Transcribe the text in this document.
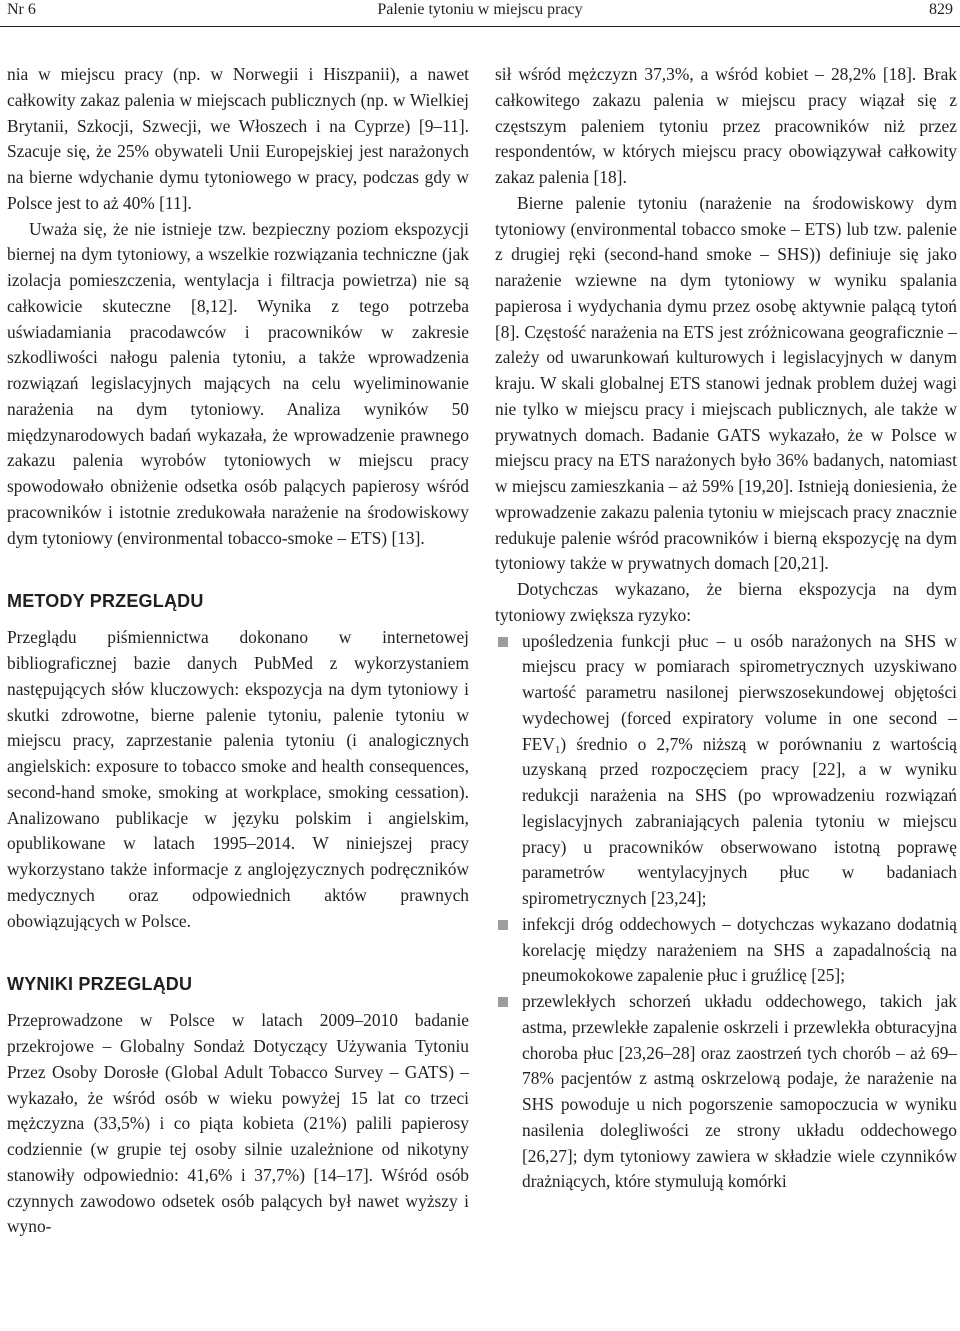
Nr 6	Palenie tytoniu w miejscu pracy	829

nia w miejscu pracy (np. w Norwegii i Hiszpanii), a nawet całkowity zakaz palenia w miejscach publicznych (np. w Wielkiej Brytanii, Szkocji, Szwecji, we Włoszech i na Cyprze) [9–11]. Szacuje się, że 25% obywateli Unii Europejskiej jest narażonych na bierne wdychanie dymu tytoniowego w pracy, podczas gdy w Polsce jest to aż 40% [11].

Uważa się, że nie istnieje tzw. bezpieczny poziom ekspozycji biernej na dym tytoniowy, a wszelkie rozwiązania techniczne (jak izolacja pomieszczenia, wentylacja i filtracja powietrza) nie są całkowicie skuteczne [8,12]. Wynika z tego potrzeba uświadamiania pracodawców i pracowników w zakresie szkodliwości nałogu palenia tytoniu, a także wprowadzenia rozwiązań legislacyjnych mających na celu wyeliminowanie narażenia na dym tytoniowy. Analiza wyników 50 międzynarodowych badań wykazała, że wprowadzenie prawnego zakazu palenia wyrobów tytoniowych w miejscu pracy spowodowało obniżenie odsetka osób palących papierosy wśród pracowników i istotnie zredukowała narażenie na środowiskowy dym tytoniowy (environmental tobacco-smoke – ETS) [13].

METODY PRZEGLĄDU

Przeglądu piśmiennictwa dokonano w internetowej bibliograficznej bazie danych PubMed z wykorzystaniem następujących słów kluczowych: ekspozycja na dym tytoniowy i skutki zdrowotne, bierne palenie tytoniu, palenie tytoniu w miejscu pracy, zaprzestanie palenia tytoniu (i analogicznych angielskich: exposure to tobacco smoke and health consequences, second-hand smoke, smoking at workplace, smoking cessation). Analizowano publikacje w języku polskim i angielskim, opublikowane w latach 1995–2014. W niniejszej pracy wykorzystano także informacje z anglojęzycznych podręczników medycznych oraz odpowiednich aktów prawnych obowiązujących w Polsce.

WYNIKI PRZEGLĄDU

Przeprowadzone w Polsce w latach 2009–2010 badanie przekrojowe – Globalny Sondaż Dotyczący Używania Tytoniu Przez Osoby Dorosłe (Global Adult Tobacco Survey – GATS) – wykazało, że wśród osób w wieku powyżej 15 lat co trzeci mężczyzna (33,5%) i co piąta kobieta (21%) palili papierosy codziennie (w grupie tej osoby silnie uzależnione od nikotyny stanowiły odpowiednio: 41,6% i 37,7%) [14–17]. Wśród osób czynnych zawodowo odsetek osób palących był nawet wyższy i wyno-

sił wśród mężczyzn 37,3%, a wśród kobiet – 28,2% [18]. Brak całkowitego zakazu palenia w miejscu pracy wiązał się z częstszym paleniem tytoniu przez pracowników niż przez respondentów, w których miejscu pracy obowiązywał całkowity zakaz palenia [18].

Bierne palenie tytoniu (narażenie na środowiskowy dym tytoniowy (environmental tobacco smoke – ETS) lub tzw. palenie z drugiej ręki (second-hand smoke – SHS)) definiuje się jako narażenie wziewne na dym tytoniowy w wyniku spalania papierosa i wydychania dymu przez osobę aktywnie palącą tytoń [8]. Częstość narażenia na ETS jest zróżnicowana geograficznie – zależy od uwarunkowań kulturowych i legislacyjnych w danym kraju. W skali globalnej ETS stanowi jednak problem dużej wagi nie tylko w miejscu pracy i miejscach publicznych, ale także w prywatnych domach. Badanie GATS wykazało, że w Polsce w miejscu pracy na ETS narażonych było 36% badanych, natomiast w miejscu zamieszkania – aż 59% [19,20]. Istnieją doniesienia, że wprowadzenie zakazu palenia tytoniu w miejscach pracy znacznie redukuje palenie wśród pracowników i bierną ekspozycję na dym tytoniowy także w prywatnych domach [20,21].

Dotychczas wykazano, że bierna ekspozycja na dym tytoniowy zwiększa ryzyko:

upośledzenia funkcji płuc – u osób narażonych na SHS w miejscu pracy w pomiarach spirometrycznych uzyskiwano wartość parametru nasilonej pierwszosekundowej objętości wydechowej (forced expiratory volume in one second – $FEV_1$) średnio o 2,7% niższą w porównaniu z wartością uzyskaną przed rozpoczęciem pracy [22], a w wyniku redukcji narażenia na SHS (po wprowadzeniu rozwiązań legislacyjnych zabraniających palenia tytoniu w miejscu pracy) u pracowników obserwowano istotną poprawę parametrów wentylacyjnych płuc w badaniach spirometrycznych [23,24];
infekcji dróg oddechowych – dotychczas wykazano dodatnią korelację między narażeniem na SHS a zapadalnością na pneumokokowe zapalenie płuc i gruźlicę [25];
przewlekłych schorzeń układu oddechowego, takich jak astma, przewlekłe zapalenie oskrzeli i przewlekła obturacyjna choroba płuc [23,26–28] oraz zaostrzeń tych chorób – aż 69–78% pacjentów z astmą oskrzelową podaje, że narażenie na SHS powoduje u nich pogorszenie samopoczucia w wyniku nasilenia dolegliwości ze strony układu oddechowego [26,27]; dym tytoniowy zawiera w składzie wiele czynników drażniących, które stymulują komórki
